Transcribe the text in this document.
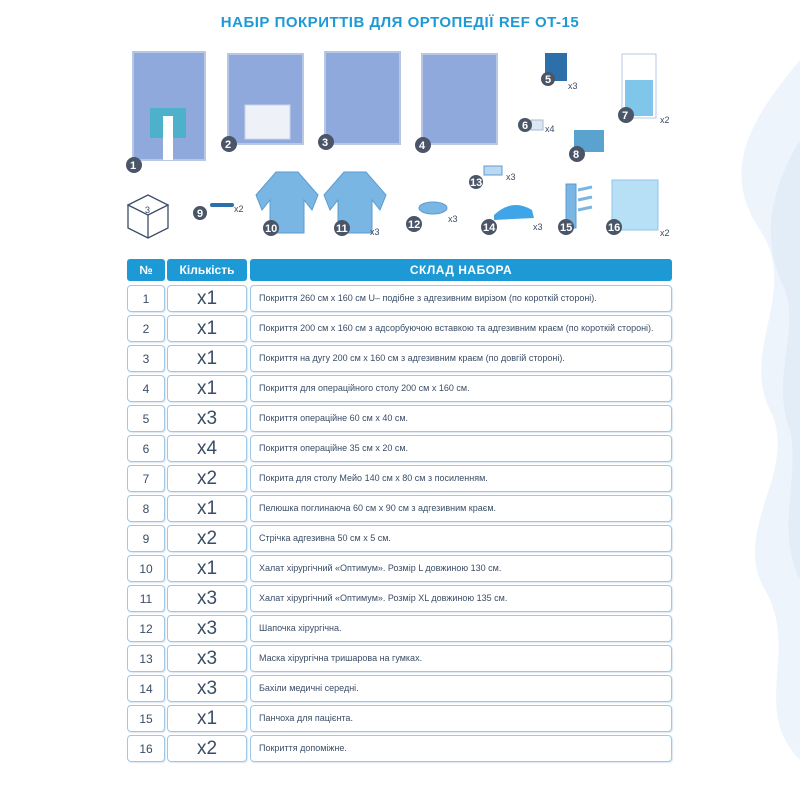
НАБІР ПОКРИТТІВ ДЛЯ ОРТОПЕДІЇ REF OT-15
1
2	3	4
5 x3
6 x4
7	x2
8
3	9	x2
10	11 x3
12	x3
13	x3
14	x3 15	16	x2
№	Кількість	СКЛАД НАБОРА
1	x1	Покриття 260 см х 160 см U– подібне з адгезивним вирізом (по короткій стороні).
2	x1	Покриття 200 см х 160 см з адсорбуючою вставкою та адгезивним краєм (по короткій стороні).
3	x1	Покриття на дугу 200 см х 160 см з адгезивним краєм (по довгій стороні).
4	x1	Покриття для операційного столу 200 см х 160 см.
5	x3	Покриття операційне 60 см х 40 см.
6	x4	Покриття операційне 35 см х 20 см.
7	x2	Покрита для столу Мейо 140 см х 80 см з посиленням.
8	x1	Пелюшка поглинаюча 60 см х 90 см з адгезивним краєм.
9	x2	Стрічка адгезивна 50 см х 5 см.
10	x1	Халат хірургічний «Оптимум». Розмір L довжиною 130 см.
11	x3	Халат хірургічний «Оптимум». Розмір XL довжиною 135 см.
12	x3	Шапочка хірургічна.
13	x3	Маска хірургічна тришарова на гумках.
14	x3	Бахіли медичні середні.
15	x1	Панчоха для пацієнта.
16	x2	Покриття допоміжне.
